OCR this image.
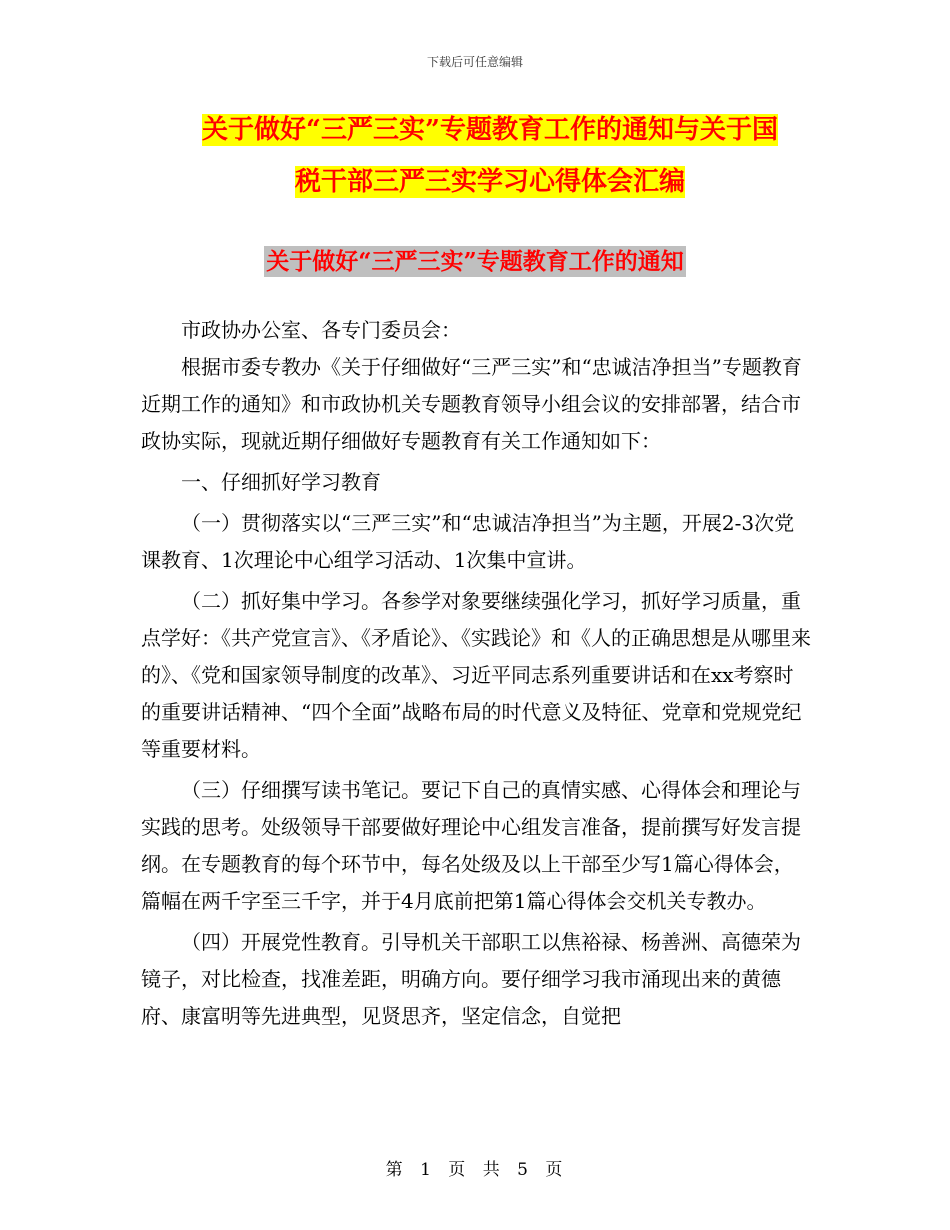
下载后可任意编辑
关于做好“三严三实”专题教育工作的通知与关于国
税干部三严三实学习心得体会汇编
关于做好“三严三实”专题教育工作的通知

市政协办公室、各专门委员会：

根据市委专教办《关于仔细做好“三严三实”和“忠诚洁净担当”专题教育近期工作的通知》和市政协机关专题教育领导小组会议的安排部署，结合市政协实际，现就近期仔细做好专题教育有关工作通知如下：

一、仔细抓好学习教育

（一）贯彻落实以“三严三实”和“忠诚洁净担当”为主题，开展2-3次党课教育、1次理论中心组学习活动、1次集中宣讲。

（二）抓好集中学习。各参学对象要继续强化学习，抓好学习质量，重点学好：《共产党宣言》、《矛盾论》、《实践论》和《人的正确思想是从哪里来的》、《党和国家领导制度的改革》、习近平同志系列重要讲话和在xx考察时的重要讲话精神、“四个全面”战略布局的时代意义及特征、党章和党规党纪等重要材料。

（三）仔细撰写读书笔记。要记下自己的真情实感、心得体会和理论与实践的思考。处级领导干部要做好理论中心组发言准备，提前撰写好发言提纲。在专题教育的每个环节中，每名处级及以上干部至少写1篇心得体会，篇幅在两千字至三千字，并于4月底前把第1篇心得体会交机关专教办。

（四）开展党性教育。引导机关干部职工以焦裕禄、杨善洲、高德荣为镜子，对比检查，找准差距，明确方向。要仔细学习我市涌现出来的黄德府、康富明等先进典型，见贤思齐，坚定信念，自觉把

第 1 页 共 5 页
